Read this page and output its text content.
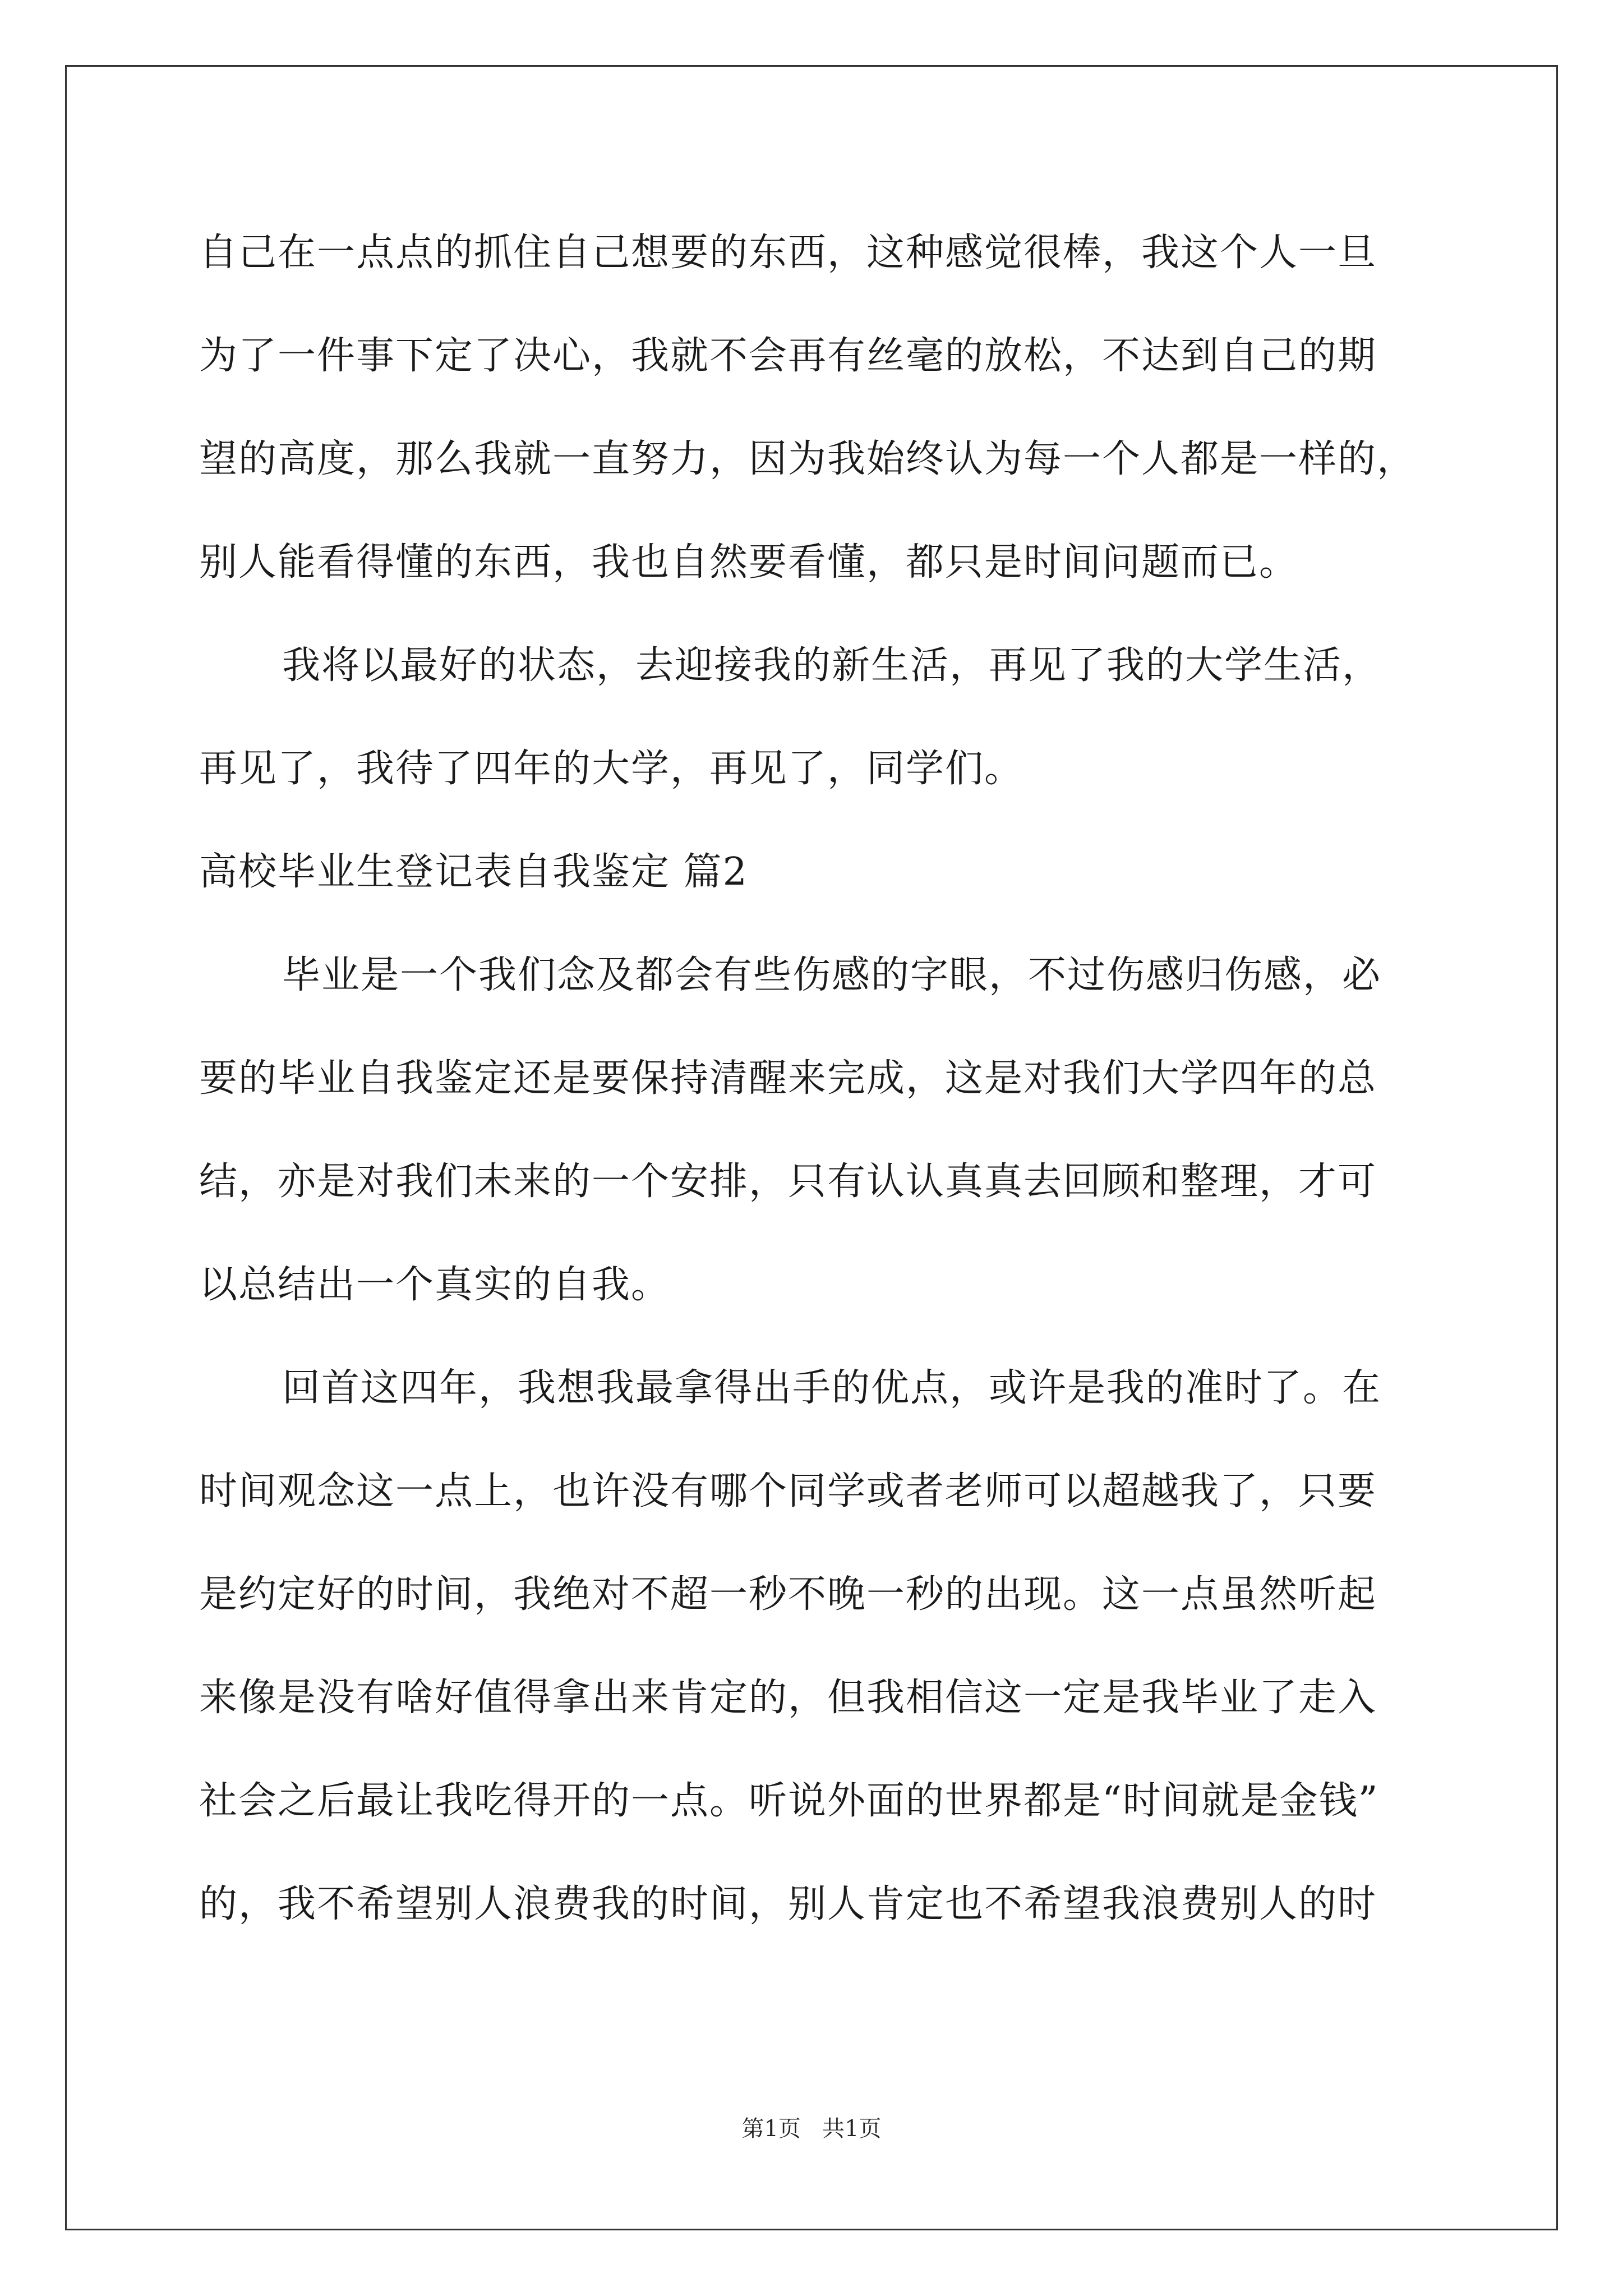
自己在一点点的抓住自己想要的东西，这种感觉很棒，我这个人一旦
为了一件事下定了决心，我就不会再有丝毫的放松，不达到自己的期
望的高度，那么我就一直努力，因为我始终认为每一个人都是一样的，
别人能看得懂的东西，我也自然要看懂，都只是时间问题而已。
我将以最好的状态，去迎接我的新生活，再见了我的大学生活，
再见了，我待了四年的大学，再见了，同学们。
高校毕业生登记表自我鉴定 篇2
毕业是一个我们念及都会有些伤感的字眼，不过伤感归伤感，必
要的毕业自我鉴定还是要保持清醒来完成，这是对我们大学四年的总
结，亦是对我们未来的一个安排，只有认认真真去回顾和整理，才可
以总结出一个真实的自我。
回首这四年，我想我最拿得出手的优点，或许是我的准时了。在
时间观念这一点上，也许没有哪个同学或者老师可以超越我了，只要
是约定好的时间，我绝对不超一秒不晚一秒的出现。这一点虽然听起
来像是没有啥好值得拿出来肯定的，但我相信这一定是我毕业了走入
社会之后最让我吃得开的一点。听说外面的世界都是“时间就是金钱”
的，我不希望别人浪费我的时间，别人肯定也不希望我浪费别人的时
第1页   共1页
